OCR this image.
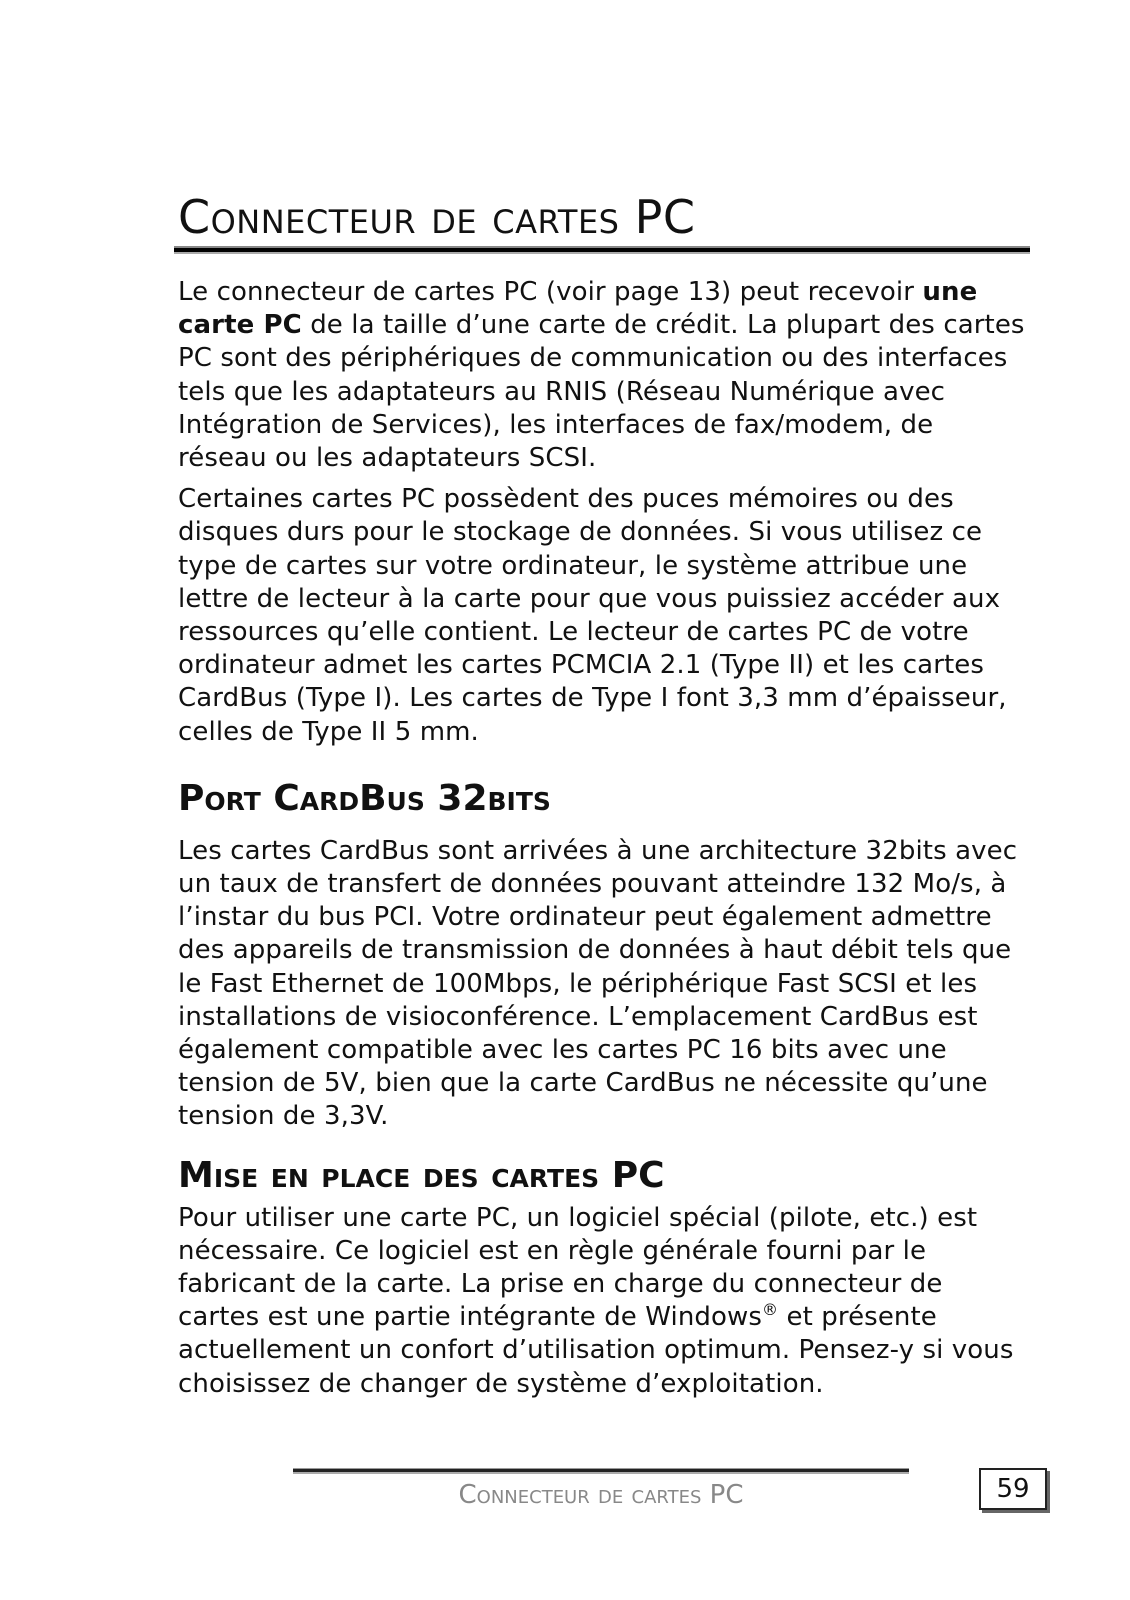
Connecteur de cartes PC

Le connecteur de cartes PC (voir page 13) peut recevoir une carte PC de la taille d’une carte de crédit. La plupart des cartes PC sont des périphériques de communication ou des interfaces tels que les adaptateurs au RNIS (Réseau Numérique avec Intégration de Services), les interfaces de fax/modem, de réseau ou les adaptateurs SCSI.

Certaines cartes PC possèdent des puces mémoires ou des disques durs pour le stockage de données. Si vous utilisez ce type de cartes sur votre ordinateur, le système attribue une lettre de lecteur à la carte pour que vous puissiez accéder aux ressources qu’elle contient. Le lecteur de cartes PC de votre ordinateur admet les cartes PCMCIA 2.1 (Type II) et les cartes CardBus (Type I). Les cartes de Type I font 3,3 mm d’épaisseur, celles de Type II 5 mm.

Port CardBus 32bits

Les cartes CardBus sont arrivées à une architecture 32bits avec un taux de transfert de données pouvant atteindre 132 Mo/s, à l’instar du bus PCI. Votre ordinateur peut également admettre des appareils de transmission de données à haut débit tels que le Fast Ethernet de 100Mbps, le périphérique Fast SCSI et les installations de visioconférence. L’emplacement CardBus est également compatible avec les cartes PC 16 bits avec une tension de 5V, bien que la carte CardBus ne nécessite qu’une tension de 3,3V.

Mise en place des cartes PC

Pour utiliser une carte PC, un logiciel spécial (pilote, etc.) est nécessaire. Ce logiciel est en règle générale fourni par le fabricant de la carte. La prise en charge du connecteur de cartes est une partie intégrante de Windows® et présente actuellement un confort d’utilisation optimum. Pensez-y si vous choisissez de changer de système d’exploitation.

Connecteur de cartes PC	59
